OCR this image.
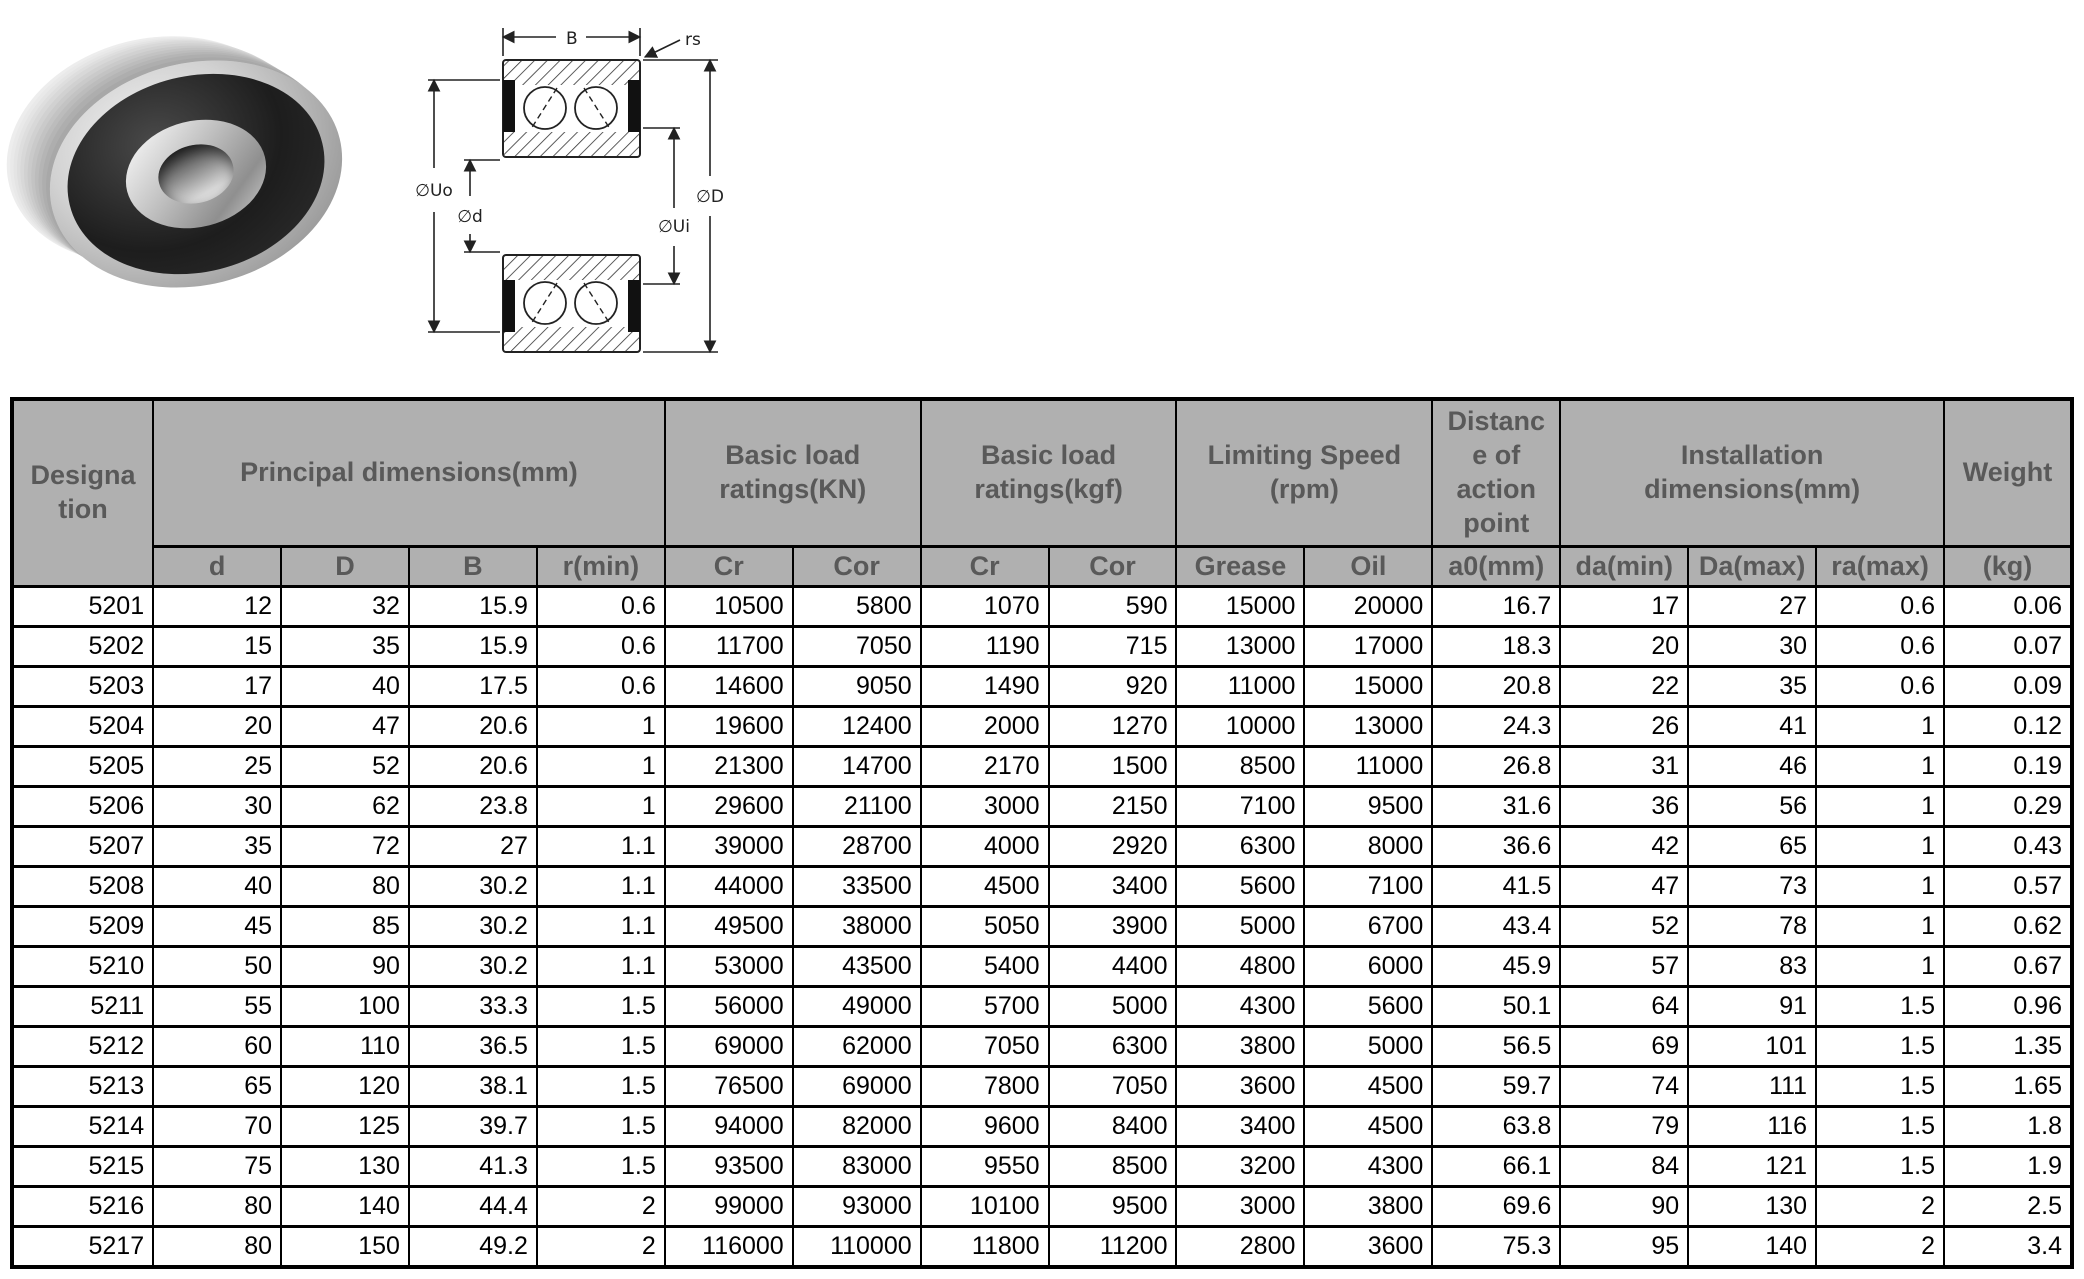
B	rs
∅Uo
∅d
∅D
∅Ui
Designation	Principal dimensions(mm)				Basic load ratings(KN)		Basic load ratings(kgf)		Limiting Speed (rpm)		Distance of action point	Installation dimensions(mm)			Weight
	d	D	B	r(min)	Cr	Cor	Cr	Cor	Grease	Oil	a0(mm)	da(min)	Da(max)	ra(max)	(kg)
5201	12	32	15.9	0.6	10500	5800	1070	590	15000	20000	16.7	17	27	0.6	0.06
5202	15	35	15.9	0.6	11700	7050	1190	715	13000	17000	18.3	20	30	0.6	0.07
5203	17	40	17.5	0.6	14600	9050	1490	920	11000	15000	20.8	22	35	0.6	0.09
5204	20	47	20.6	1	19600	12400	2000	1270	10000	13000	24.3	26	41	1	0.12
5205	25	52	20.6	1	21300	14700	2170	1500	8500	11000	26.8	31	46	1	0.19
5206	30	62	23.8	1	29600	21100	3000	2150	7100	9500	31.6	36	56	1	0.29
5207	35	72	27	1.1	39000	28700	4000	2920	6300	8000	36.6	42	65	1	0.43
5208	40	80	30.2	1.1	44000	33500	4500	3400	5600	7100	41.5	47	73	1	0.57
5209	45	85	30.2	1.1	49500	38000	5050	3900	5000	6700	43.4	52	78	1	0.62
5210	50	90	30.2	1.1	53000	43500	5400	4400	4800	6000	45.9	57	83	1	0.67
5211	55	100	33.3	1.5	56000	49000	5700	5000	4300	5600	50.1	64	91	1.5	0.96
5212	60	110	36.5	1.5	69000	62000	7050	6300	3800	5000	56.5	69	101	1.5	1.35
5213	65	120	38.1	1.5	76500	69000	7800	7050	3600	4500	59.7	74	111	1.5	1.65
5214	70	125	39.7	1.5	94000	82000	9600	8400	3400	4500	63.8	79	116	1.5	1.8
5215	75	130	41.3	1.5	93500	83000	9550	8500	3200	4300	66.1	84	121	1.5	1.9
5216	80	140	44.4	2	99000	93000	10100	9500	3000	3800	69.6	90	130	2	2.5
5217	80	150	49.2	2	116000	110000	11800	11200	2800	3600	75.3	95	140	2	3.4
